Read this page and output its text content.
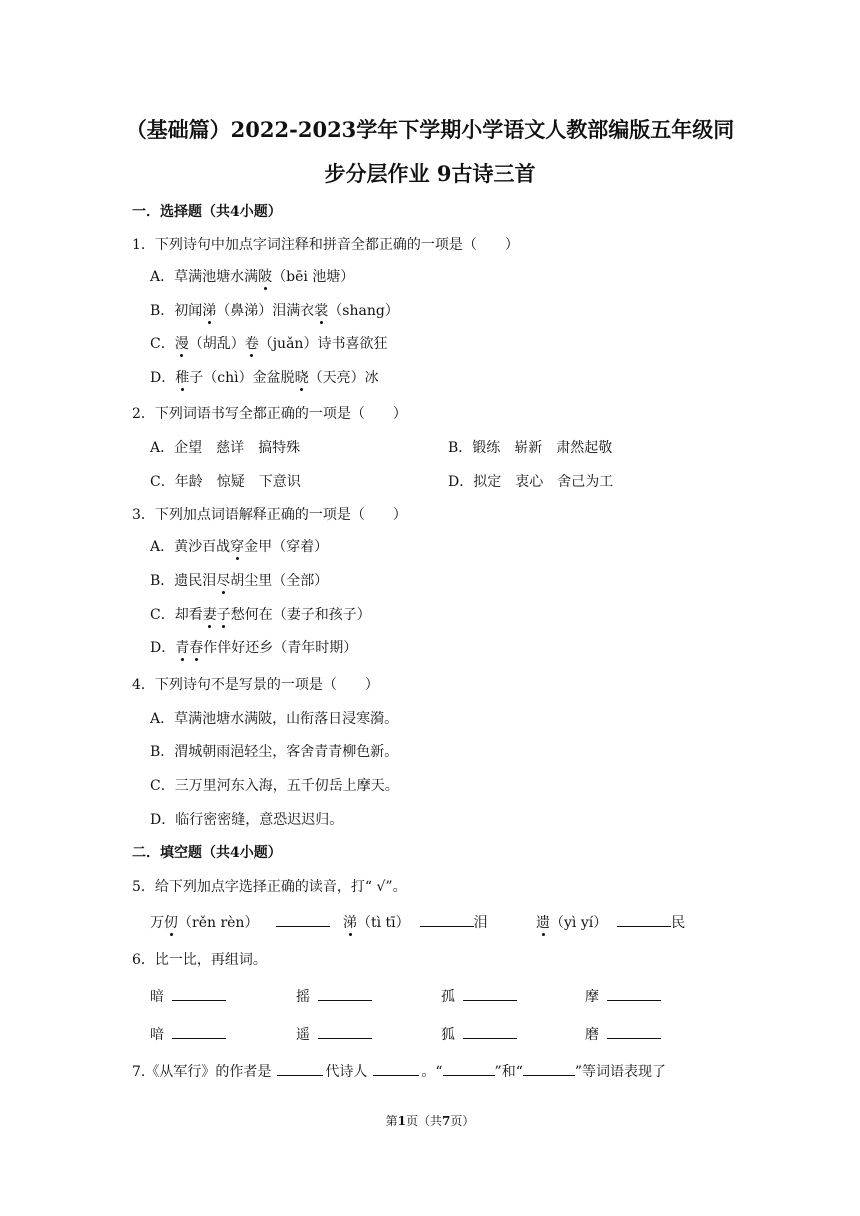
（基础篇）2022-2023学年下学期小学语文人教部编版五年级同
步分层作业 9古诗三首
一．选择题（共4小题）
1．下列诗句中加点字词注释和拼音全都正确的一项是（　　）
A．草满池塘水满陂（bēi 池塘）
B．初闻涕（鼻涕）泪满衣裳（shang）
C．漫（胡乱）卷（juǎn）诗书喜欲狂
D．稚子（chì）金盆脱晓（天亮）冰
2．下列词语书写全都正确的一项是（　　）
A．企望　慈详　搞特殊	B．锻练　崭新　肃然起敬
C．年龄　惊疑　下意识	D．拟定　衷心　舍己为工
3．下列加点词语解释正确的一项是（　　）
A．黄沙百战穿金甲（穿着）
B．遗民泪尽胡尘里（全部）
C．却看妻子愁何在（妻子和孩子）
D．青春作伴好还乡（青年时期）
4．下列诗句不是写景的一项是（　　）
A．草满池塘水满陂，山衔落日浸寒漪。
B．渭城朝雨浥轻尘，客舍青青柳色新。
C．三万里河东入海，五千仞岳上摩天。
D．临行密密缝，意恐迟迟归。
二．填空题（共4小题）
5．给下列加点字选择正确的读音，打“ √”。
万仞（rěn rèn）	涕（tì tī）	泪	遗（yì yí）	民
6．比一比，再组词。
暗	摇	孤	摩
喑	遥	狐	磨
7.《从军行》的作者是	代诗人	。“	”和“	”等词语表现了
第1页（共7页）
